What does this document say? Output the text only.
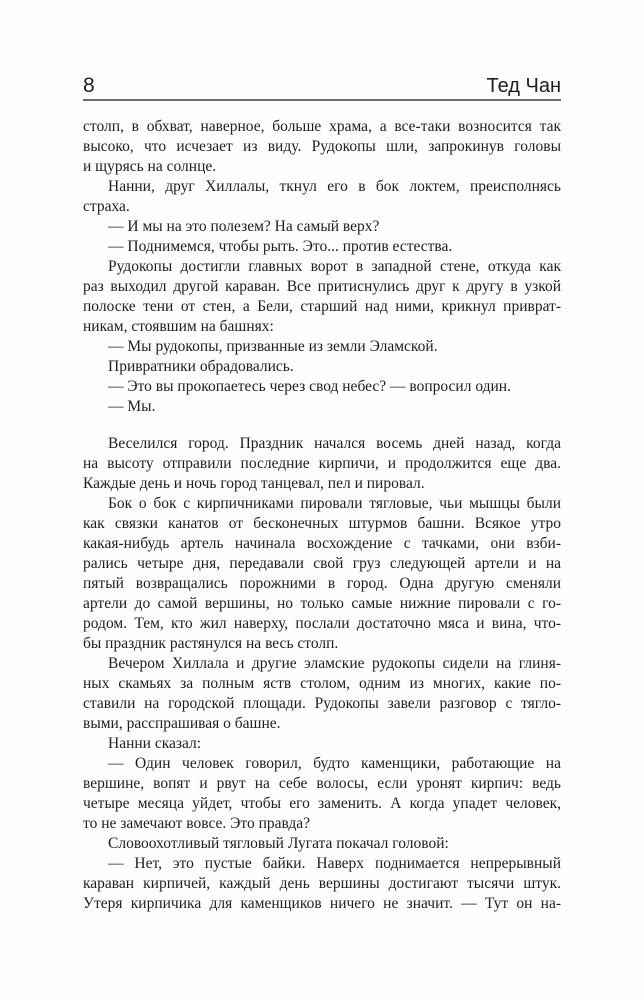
8	Тед Чан

столп, в обхват, наверное, больше храма, а все-таки возносится так
высоко, что исчезает из виду. Рудокопы шли, запрокинув головы
и щурясь на солнце.

Нанни, друг Хиллалы, ткнул его в бок локтем, преисполнясь
страха.

— И мы на это полезем? На самый верх?

— Поднимемся, чтобы рыть. Это... против естества.

Рудокопы достигли главных ворот в западной стене, откуда как
раз выходил другой караван. Все притиснулись друг к другу в узкой
полоске тени от стен, а Бели, старший над ними, крикнул приврат-
никам, стоявшим на башнях:

— Мы рудокопы, призванные из земли Эламской.

Привратники обрадовались.

— Это вы прокопаетесь через свод небес? — вопросил один.

— Мы.

Веселился город. Праздник начался восемь дней назад, когда
на высоту отправили последние кирпичи, и продолжится еще два.
Каждые день и ночь город танцевал, пел и пировал.

Бок о бок с кирпичниками пировали тягловые, чьи мышцы были
как связки канатов от бесконечных штурмов башни. Всякое утро
какая-нибудь артель начинала восхождение с тачками, они взби-
рались четыре дня, передавали свой груз следующей артели и на
пятый возвращались порожними в город. Одна другую сменяли
артели до самой вершины, но только самые нижние пировали с го-
родом. Тем, кто жил наверху, послали достаточно мяса и вина, что-
бы праздник растянулся на весь столп.

Вечером Хиллала и другие эламские рудокопы сидели на глиня-
ных скамьях за полным яств столом, одним из многих, какие по-
ставили на городской площади. Рудокопы завели разговор с тягло-
выми, расспрашивая о башне.

Нанни сказал:

— Один человек говорил, будто каменщики, работающие на
вершине, вопят и рвут на себе волосы, если уронят кирпич: ведь
четыре месяца уйдет, чтобы его заменить. А когда упадет человек,
то не замечают вовсе. Это правда?

Словоохотливый тягловый Лугата покачал головой:

— Нет, это пустые байки. Наверх поднимается непрерывный
караван кирпичей, каждый день вершины достигают тысячи штук.
Утеря кирпичика для каменщиков ничего не значит. — Тут он на-
